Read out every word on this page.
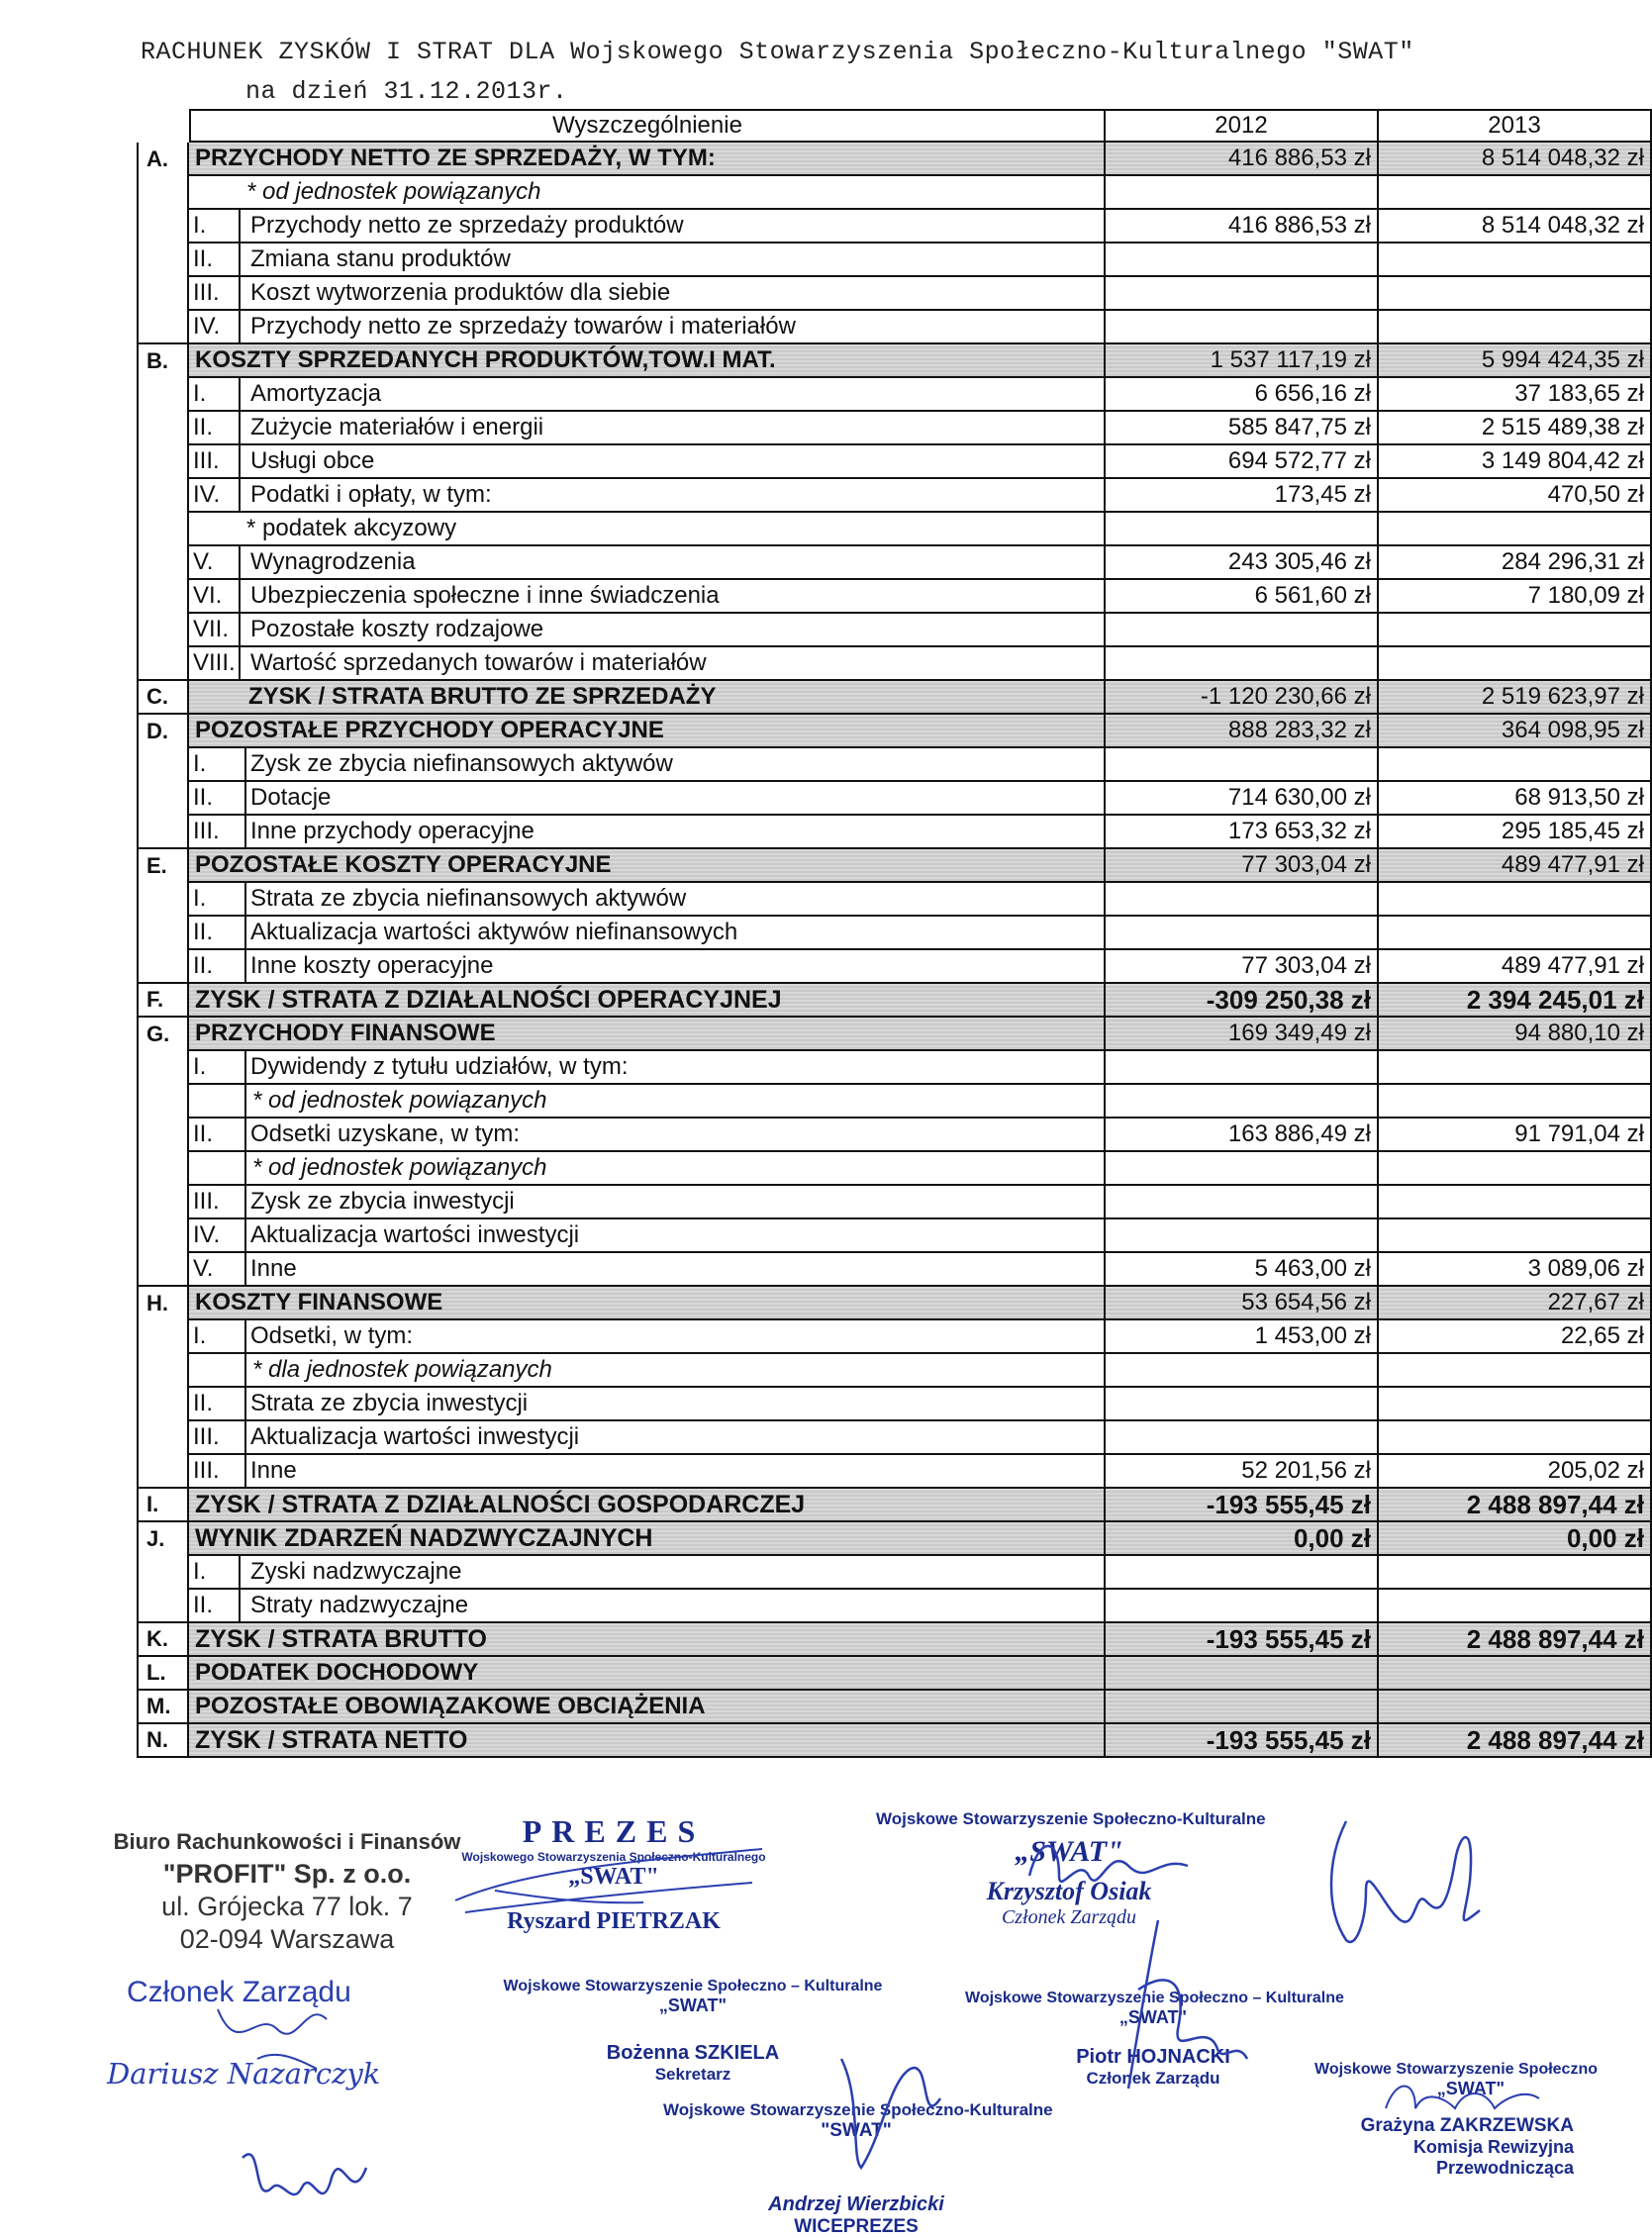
RACHUNEK ZYSKÓW I STRAT DLA Wojskowego Stowarzyszenia Społeczno-Kulturalnego "SWAT"
na dzień 31.12.2013r.
Wyszczególnienie	2012	2013
A.	PRZYCHODY NETTO ZE SPRZEDAŻY, W TYM:	416 886,53 zł	8 514 048,32 zł
* od jednostek powiązanych
I.	Przychody netto ze sprzedaży produktów	416 886,53 zł	8 514 048,32 zł
II.	Zmiana stanu produktów
III.	Koszt wytworzenia produktów dla siebie
IV.	Przychody netto ze sprzedaży towarów i materiałów
B.	KOSZTY SPRZEDANYCH PRODUKTÓW,TOW.I MAT.	1 537 117,19 zł	5 994 424,35 zł
I.	Amortyzacja	6 656,16 zł	37 183,65 zł
II.	Zużycie materiałów i energii	585 847,75 zł	2 515 489,38 zł
III.	Usługi obce	694 572,77 zł	3 149 804,42 zł
IV.	Podatki i opłaty, w tym:	173,45 zł	470,50 zł
* podatek akcyzowy
V.	Wynagrodzenia	243 305,46 zł	284 296,31 zł
VI.	Ubezpieczenia społeczne i inne świadczenia	6 561,60 zł	7 180,09 zł
VII. Pozostałe koszty rodzajowe
VIII. Wartość sprzedanych towarów i materiałów
C.	ZYSK / STRATA BRUTTO ZE SPRZEDAŻY	-1 120 230,66 zł	2 519 623,97 zł
D.	POZOSTAŁE PRZYCHODY OPERACYJNE	888 283,32 zł	364 098,95 zł
I.	Zysk ze zbycia niefinansowych aktywów
II.	Dotacje	714 630,00 zł	68 913,50 zł
III.	Inne przychody operacyjne	173 653,32 zł	295 185,45 zł
E.	POZOSTAŁE KOSZTY OPERACYJNE	77 303,04 zł	489 477,91 zł
I.	Strata ze zbycia niefinansowych aktywów
II.	Aktualizacja wartości aktywów niefinansowych
II.	Inne koszty operacyjne	77 303,04 zł	489 477,91 zł
F.	ZYSK / STRATA Z DZIAŁALNOŚCI OPERACYJNEJ	-309 250,38 zł	2 394 245,01 zł
G.	PRZYCHODY FINANSOWE	169 349,49 zł	94 880,10 zł
I.	Dywidendy z tytułu udziałów, w tym:
* od jednostek powiązanych
II.	Odsetki uzyskane, w tym:	163 886,49 zł	91 791,04 zł
* od jednostek powiązanych
III.	Zysk ze zbycia inwestycji
IV.	Aktualizacja wartości inwestycji
V.	Inne	5 463,00 zł	3 089,06 zł
H.	KOSZTY FINANSOWE	53 654,56 zł	227,67 zł
I.	Odsetki, w tym:	1 453,00 zł	22,65 zł
* dla jednostek powiązanych
II.	Strata ze zbycia inwestycji
III.	Aktualizacja wartości inwestycji
III.	Inne	52 201,56 zł	205,02 zł
I.	ZYSK / STRATA Z DZIAŁALNOŚCI GOSPODARCZEJ	-193 555,45 zł	2 488 897,44 zł
J.	WYNIK ZDARZEŃ NADZWYCZAJNYCH	0,00 zł	0,00 zł
I.	Zyski nadzwyczajne
II.	Straty nadzwyczajne
K.	ZYSK / STRATA BRUTTO	-193 555,45 zł	2 488 897,44 zł
L.	PODATEK DOCHODOWY
M.	POZOSTAŁE OBOWIĄZAKOWE OBCIĄŻENIA
N.	ZYSK / STRATA NETTO	-193 555,45 zł	2 488 897,44 zł
Biuro Rachunkowości i Finansów
"PROFIT" Sp. z o.o.
ul. Grójecka 77 lok. 7
02-094 Warszawa
Członek Zarządu
Dariusz Nazarczyk
PREZES
Wojskowego Stowarzyszenia Społeczno-Kulturalnego
„SWAT"
Ryszard PIETRZAK
Wojskowe Stowarzyszenie Społeczno-Kulturalne
„SWAT"
Krzysztof Osiak
Członek Zarządu
Wojskowe Stowarzyszenie Społeczno – Kulturalne
„SWAT"
Bożenna SZKIELA
Sekretarz
Wojskowe Stowarzyszenie Społeczno – Kulturalne
„SWAT"
Piotr HOJNACKI
Członek Zarządu	Wojskowe Stowarzyszenie Społeczno
„SWAT"
Grażyna ZAKRZEWSKA
Komisja Rewizyjna
Przewodnicząca
Wojskowe Stowarzyszenie Społeczno-Kulturalne
"SWAT"
Andrzej Wierzbicki
WICEPREZES
